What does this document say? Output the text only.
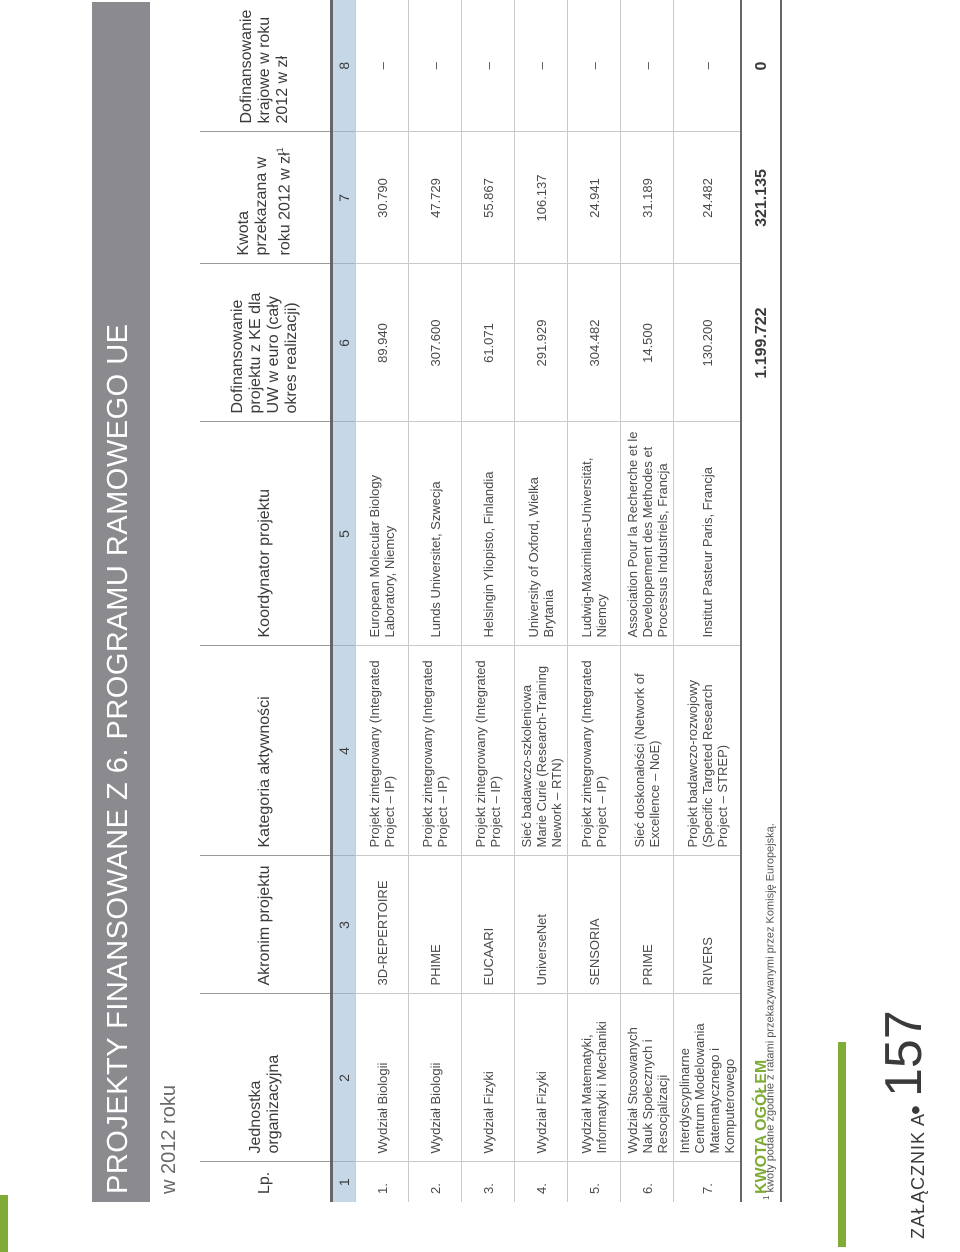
PROJEKTY FINANSOWANE Z 6. PROGRAMU RAMOWEGO UE w 2012 roku	Lp.	Jednostka organizacyjna	Akronim projektu	Kategoria aktywności	Koordynator projektu	Dofinansowanie projektu z KE dla UW w euro (cały okres realizacji)	Kwota przekazana w roku 2012 w $zł^1$	Dofinansowanie krajowe w roku 2012 w zł
1	2	3	4	5	6	7	8
1.	Wydział Biologii	3D-REPERTOIRE	Projekt zintegrowany (Integrated Project – IP)	European Molecular Biology Laboratory, Niemcy	89.940	30.790	–
2.	Wydział Biologii	PHIME	Projekt zintegrowany (Integrated Project – IP)	Lunds Universitet, Szwecja	307.600	47.729	–
3.	Wydział Fizyki	EUCAARI	Projekt zintegrowany (Integrated Project – IP)	Helsingin Yliopisto, Finlandia	61.071	55.867	–
4.	Wydział Fizyki	UniverseNet	Sieć badawczo-szkoleniowa Marie Curie (Research-Training Nework – RTN)	University of Oxford, Wielka Brytania	291.929	106.137	–
5.	Wydział Matematyki, Informatyki i Mechaniki	SENSORIA	Projekt zintegrowany (Integrated Project – IP)	Ludwig-Maximilans-Universität, Niemcy	304.482	24.941	–
6.	Wydział Stosowanych Nauk Społecznych i Resocjalizacji	PRIME	Sieć doskonałości (Network of Excellence – NoE)	Association Pour la Recherche et le Developpement des Methodes et Processus Industriels, Francja	14.500	31.189	–
7.	Interdyscyplinarne Centrum Modelowania Matematycznego i Komputerowego	RIVERS	Projekt badawczo-rozwojowy (Specific Targeted Research Project – STREP)	Institut Pasteur Paris, Francja	130.200	24.482	–
KWOTA OGÓŁEM					1.199.722	321.135	0
$^1$ kwoty podane zgodnie z ratami przekazywanymi przez Komisję Europejską.	ZAŁĄCZNIK A
•
157
